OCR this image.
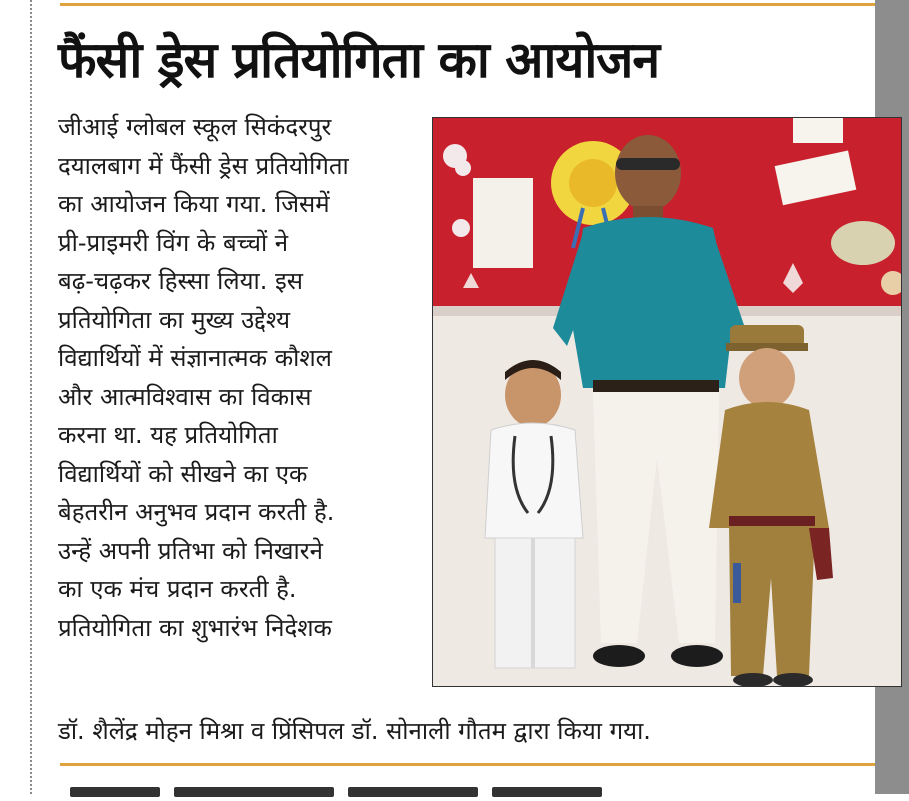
फैंसी ड्रेस प्रतियोगिता का आयोजन
जीआई ग्लोबल स्कूल सिकंदरपुर
दयालबाग में फैंसी ड्रेस प्रतियोगिता
का आयोजन किया गया. जिसमें
प्री-प्राइमरी विंग के बच्चों ने
बढ़-चढ़कर हिस्सा लिया. इस
प्रतियोगिता का मुख्य उद्देश्य
विद्यार्थियों में संज्ञानात्मक कौशल
और आत्मविश्वास का विकास
करना था. यह प्रतियोगिता
विद्यार्थियों को सीखने का एक
बेहतरीन अनुभव प्रदान करती है.
उन्हें अपनी प्रतिभा को निखारने
का एक मंच प्रदान करती है.
प्रतियोगिता का शुभारंभ निदेशक
डॉ. शैलेंद्र मोहन मिश्रा व प्रिंसिपल डॉ. सोनाली गौतम द्वारा किया गया.
